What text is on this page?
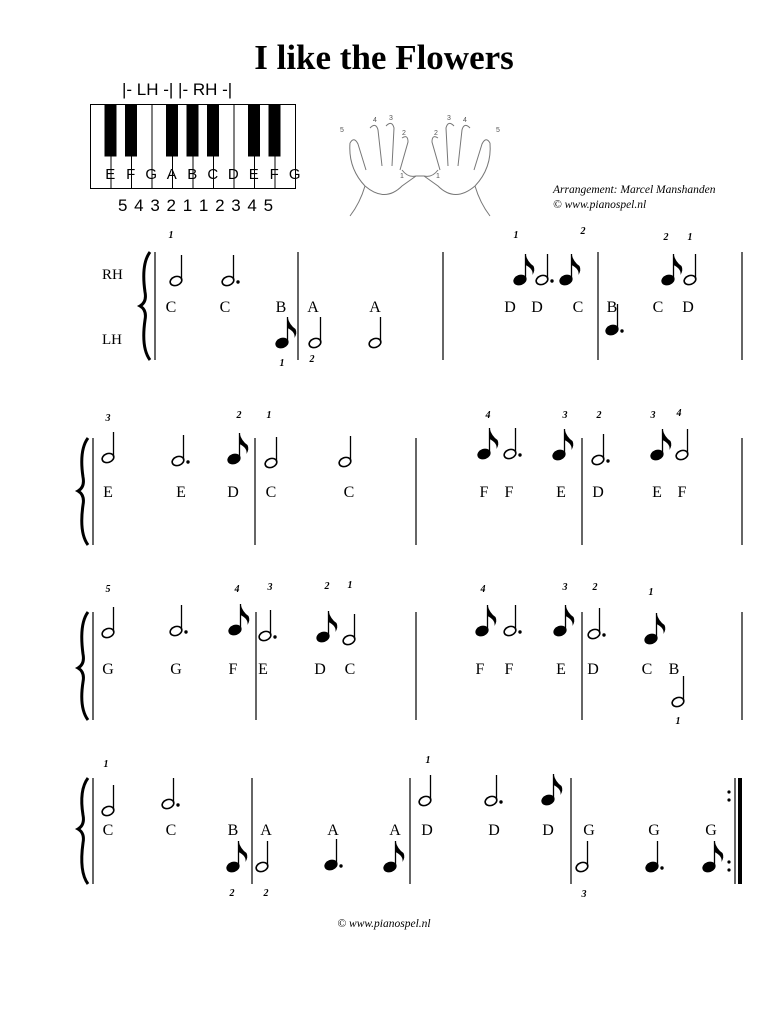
I like the Flowers
|- LH -| |- RH -|
E F G A B C D E F G
5 4 3 2 1 1 2 3 4 5
5
4 3
2
1	1
2
3 4
5
Arrangement: Marcel Manshanden
© www.pianospel.nl
RH
LH
C	C	B A	A	D D C B C D
1	1	2
2 1
1	2
E	E	D C	C	F F	E D	E F
3	2	1	4	3	2	3 4
G	G	F E	D C	F F	E D	C B
5	4	3	2 1	4	3	2	1
1
C	C	B A	A	A D	D	D G	G	G
1	1
2	2	3
© www.pianospel.nl
